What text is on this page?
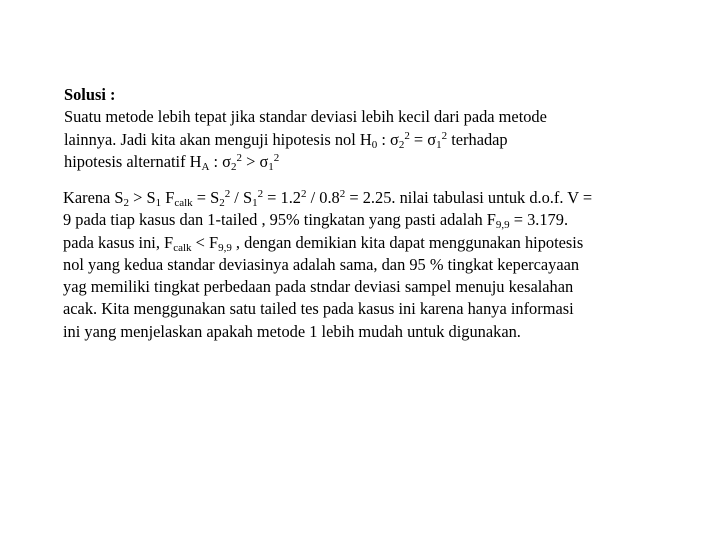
Solusi :
Suatu metode lebih tepat jika standar deviasi lebih kecil dari pada metode
lainnya. Jadi kita akan menguji hipotesis nol $H_0$ : $\sigma_2^2 = \sigma_1^2$ terhadap
hipotesis alternatif $H_A$ : $\sigma_2^2 > \sigma_1^2$
Karena $S_2 > S_1$ $F_{calk} = S_2^2 / S_1^2 = 1.2^2 / 0.8^2 = 2.25$. nilai tabulasi untuk d.o.f. V =
9 pada tiap kasus dan 1-tailed , 95% tingkatan yang pasti adalah $F_{9,9} = 3.179$.
pada kasus ini, $F_{calk} < F_{9,9}$ , dengan demikian kita dapat menggunakan hipotesis
nol yang kedua standar deviasinya adalah sama, dan 95 % tingkat kepercayaan
yag memiliki tingkat perbedaan pada stndar deviasi sampel menuju kesalahan
acak. Kita menggunakan satu tailed tes pada kasus ini karena hanya informasi
ini yang menjelaskan apakah metode 1 lebih mudah untuk digunakan.
